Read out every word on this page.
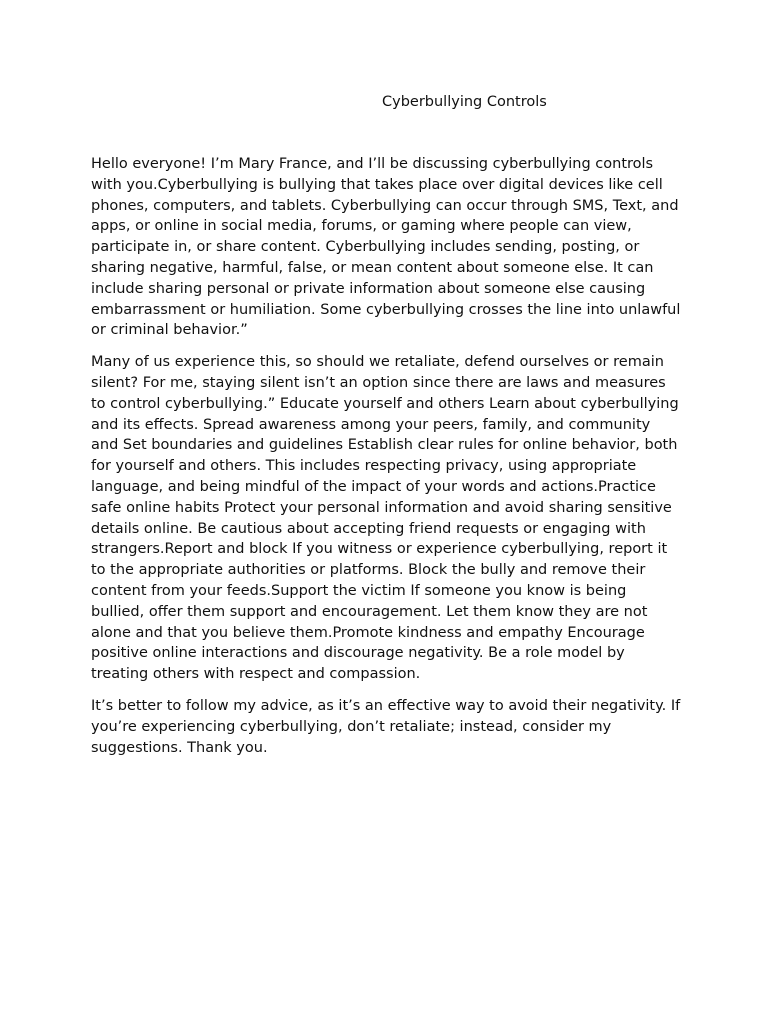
Cyberbullying Controls

Hello everyone! I’m Mary France, and I’ll be discussing cyberbullying controls with you.Cyberbullying is bullying that takes place over digital devices like cell phones, computers, and tablets. Cyberbullying can occur through SMS, Text, and apps, or online in social media, forums, or gaming where people can view, participate in, or share content. Cyberbullying includes sending, posting, or sharing negative, harmful, false, or mean content about someone else. It can include sharing personal or private information about someone else causing embarrassment or humiliation. Some cyberbullying crosses the line into unlawful or criminal behavior.”

Many of us experience this, so should we retaliate, defend ourselves or remain silent? For me, staying silent isn’t an option since there are laws and measures to control cyberbullying.” Educate yourself and others Learn about cyberbullying and its effects. Spread awareness among your peers, family, and community and Set boundaries and guidelines Establish clear rules for online behavior, both for yourself and others. This includes respecting privacy, using appropriate language, and being mindful of the impact of your words and actions.Practice safe online habits Protect your personal information and avoid sharing sensitive details online. Be cautious about accepting friend requests or engaging with strangers.Report and block If you witness or experience cyberbullying, report it to the appropriate authorities or platforms. Block the bully and remove their content from your feeds.Support the victim If someone you know is being bullied, offer them support and encouragement. Let them know they are not alone and that you believe them.Promote kindness and empathy Encourage positive online interactions and discourage negativity. Be a role model by treating others with respect and compassion.

It’s better to follow my advice, as it’s an effective way to avoid their negativity. If you’re experiencing cyberbullying, don’t retaliate; instead, consider my suggestions. Thank you.
